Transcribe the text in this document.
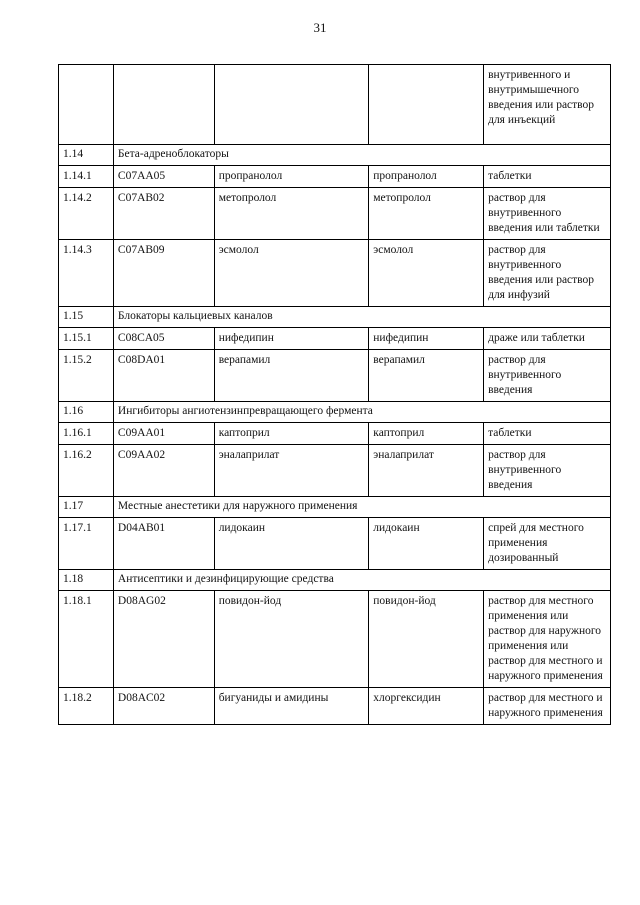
31
				внутривенного и внутримышечного введения или раствор для инъекций
1.14	Бета-адреноблокаторы			
1.14.1	C07AA05	пропранолол	пропранолол	таблетки
1.14.2	C07AB02	метопролол	метопролол	раствор для внутривенного введения или таблетки
1.14.3	C07AB09	эсмолол	эсмолол	раствор для внутривенного введения или раствор для инфузий
1.15	Блокаторы кальциевых каналов			
1.15.1	C08CA05	нифедипин	нифедипин	драже или таблетки
1.15.2	C08DA01	верапамил	верапамил	раствор для внутривенного введения
1.16	Ингибиторы ангиотензинпревращающего фермента			
1.16.1	C09AA01	каптоприл	каптоприл	таблетки
1.16.2	C09AA02	эналаприлат	эналаприлат	раствор для внутривенного введения
1.17	Местные анестетики для наружного применения			
1.17.1	D04AB01	лидокаин	лидокаин	спрей для местного применения дозированный
1.18	Антисептики и дезинфицирующие средства			
1.18.1	D08AG02	повидон-йод	повидон-йод	раствор для местного применения или раствор для наружного применения или раствор для местного и наружного применения
1.18.2	D08AC02	бигуаниды и амидины	хлоргексидин	раствор для местного и наружного применения
